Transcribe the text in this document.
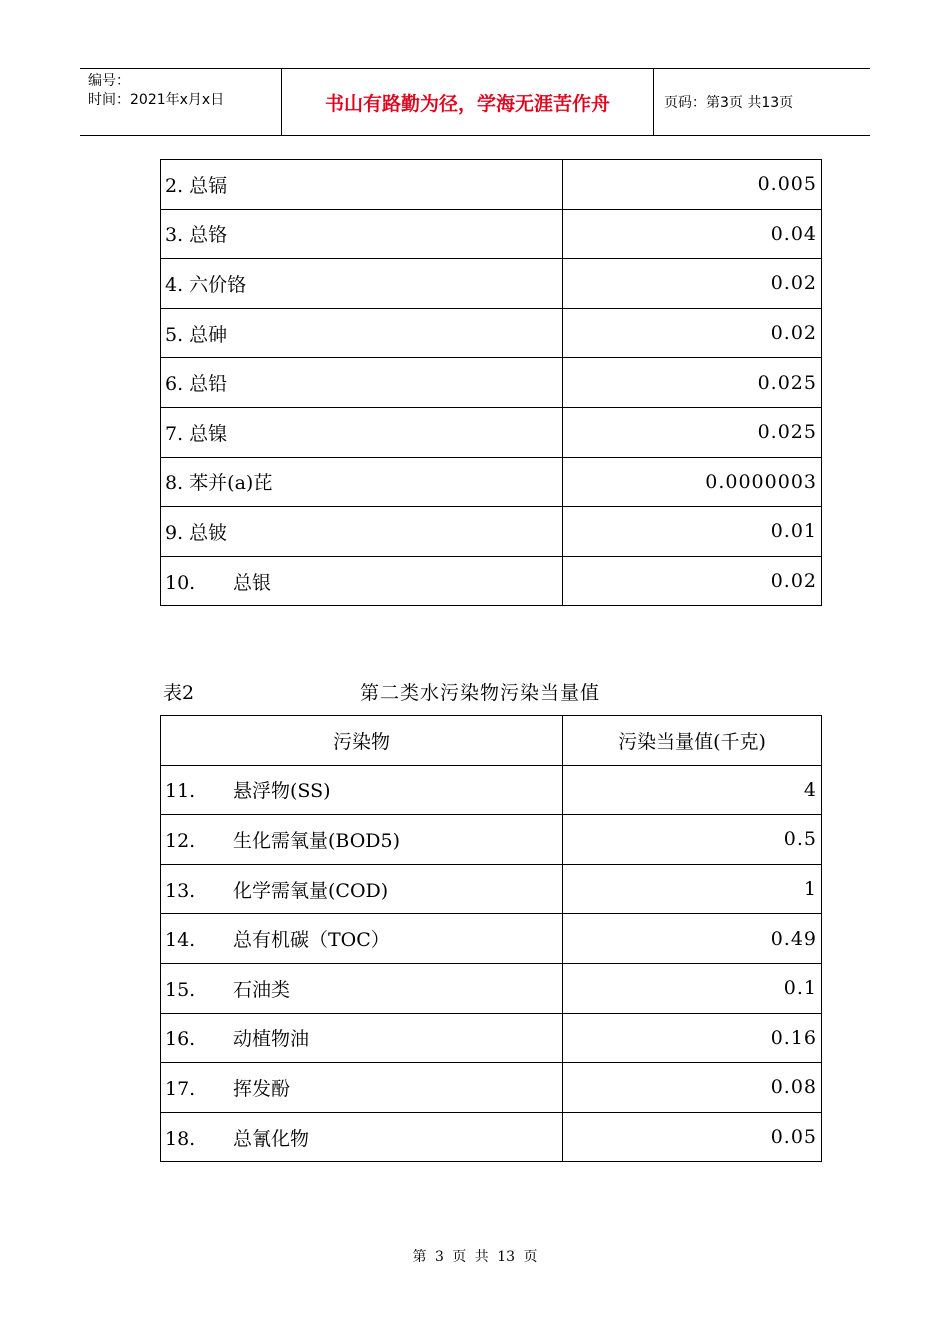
编号：
时间：2021年x月x日	书山有路勤为径，学海无涯苦作舟	页码：第3页 共13页
2. 总镉	0.005
3. 总铬	0.04
4. 六价铬	0.02
5. 总砷	0.02
6. 总铅	0.025
7. 总镍	0.025
8. 苯并(a)芘	0.0000003
9. 总铍	0.01
10. 总银	0.02
表2	第二类水污染物污染当量值
污染物	污染当量值(千克)
11. 悬浮物(SS)	4
12. 生化需氧量(BOD5)	0.5
13. 化学需氧量(COD)	1
14. 总有机碳（TOC）	0.49
15. 石油类	0.1
16. 动植物油	0.16
17. 挥发酚	0.08
18. 总氰化物	0.05
第 3 页 共 13 页
